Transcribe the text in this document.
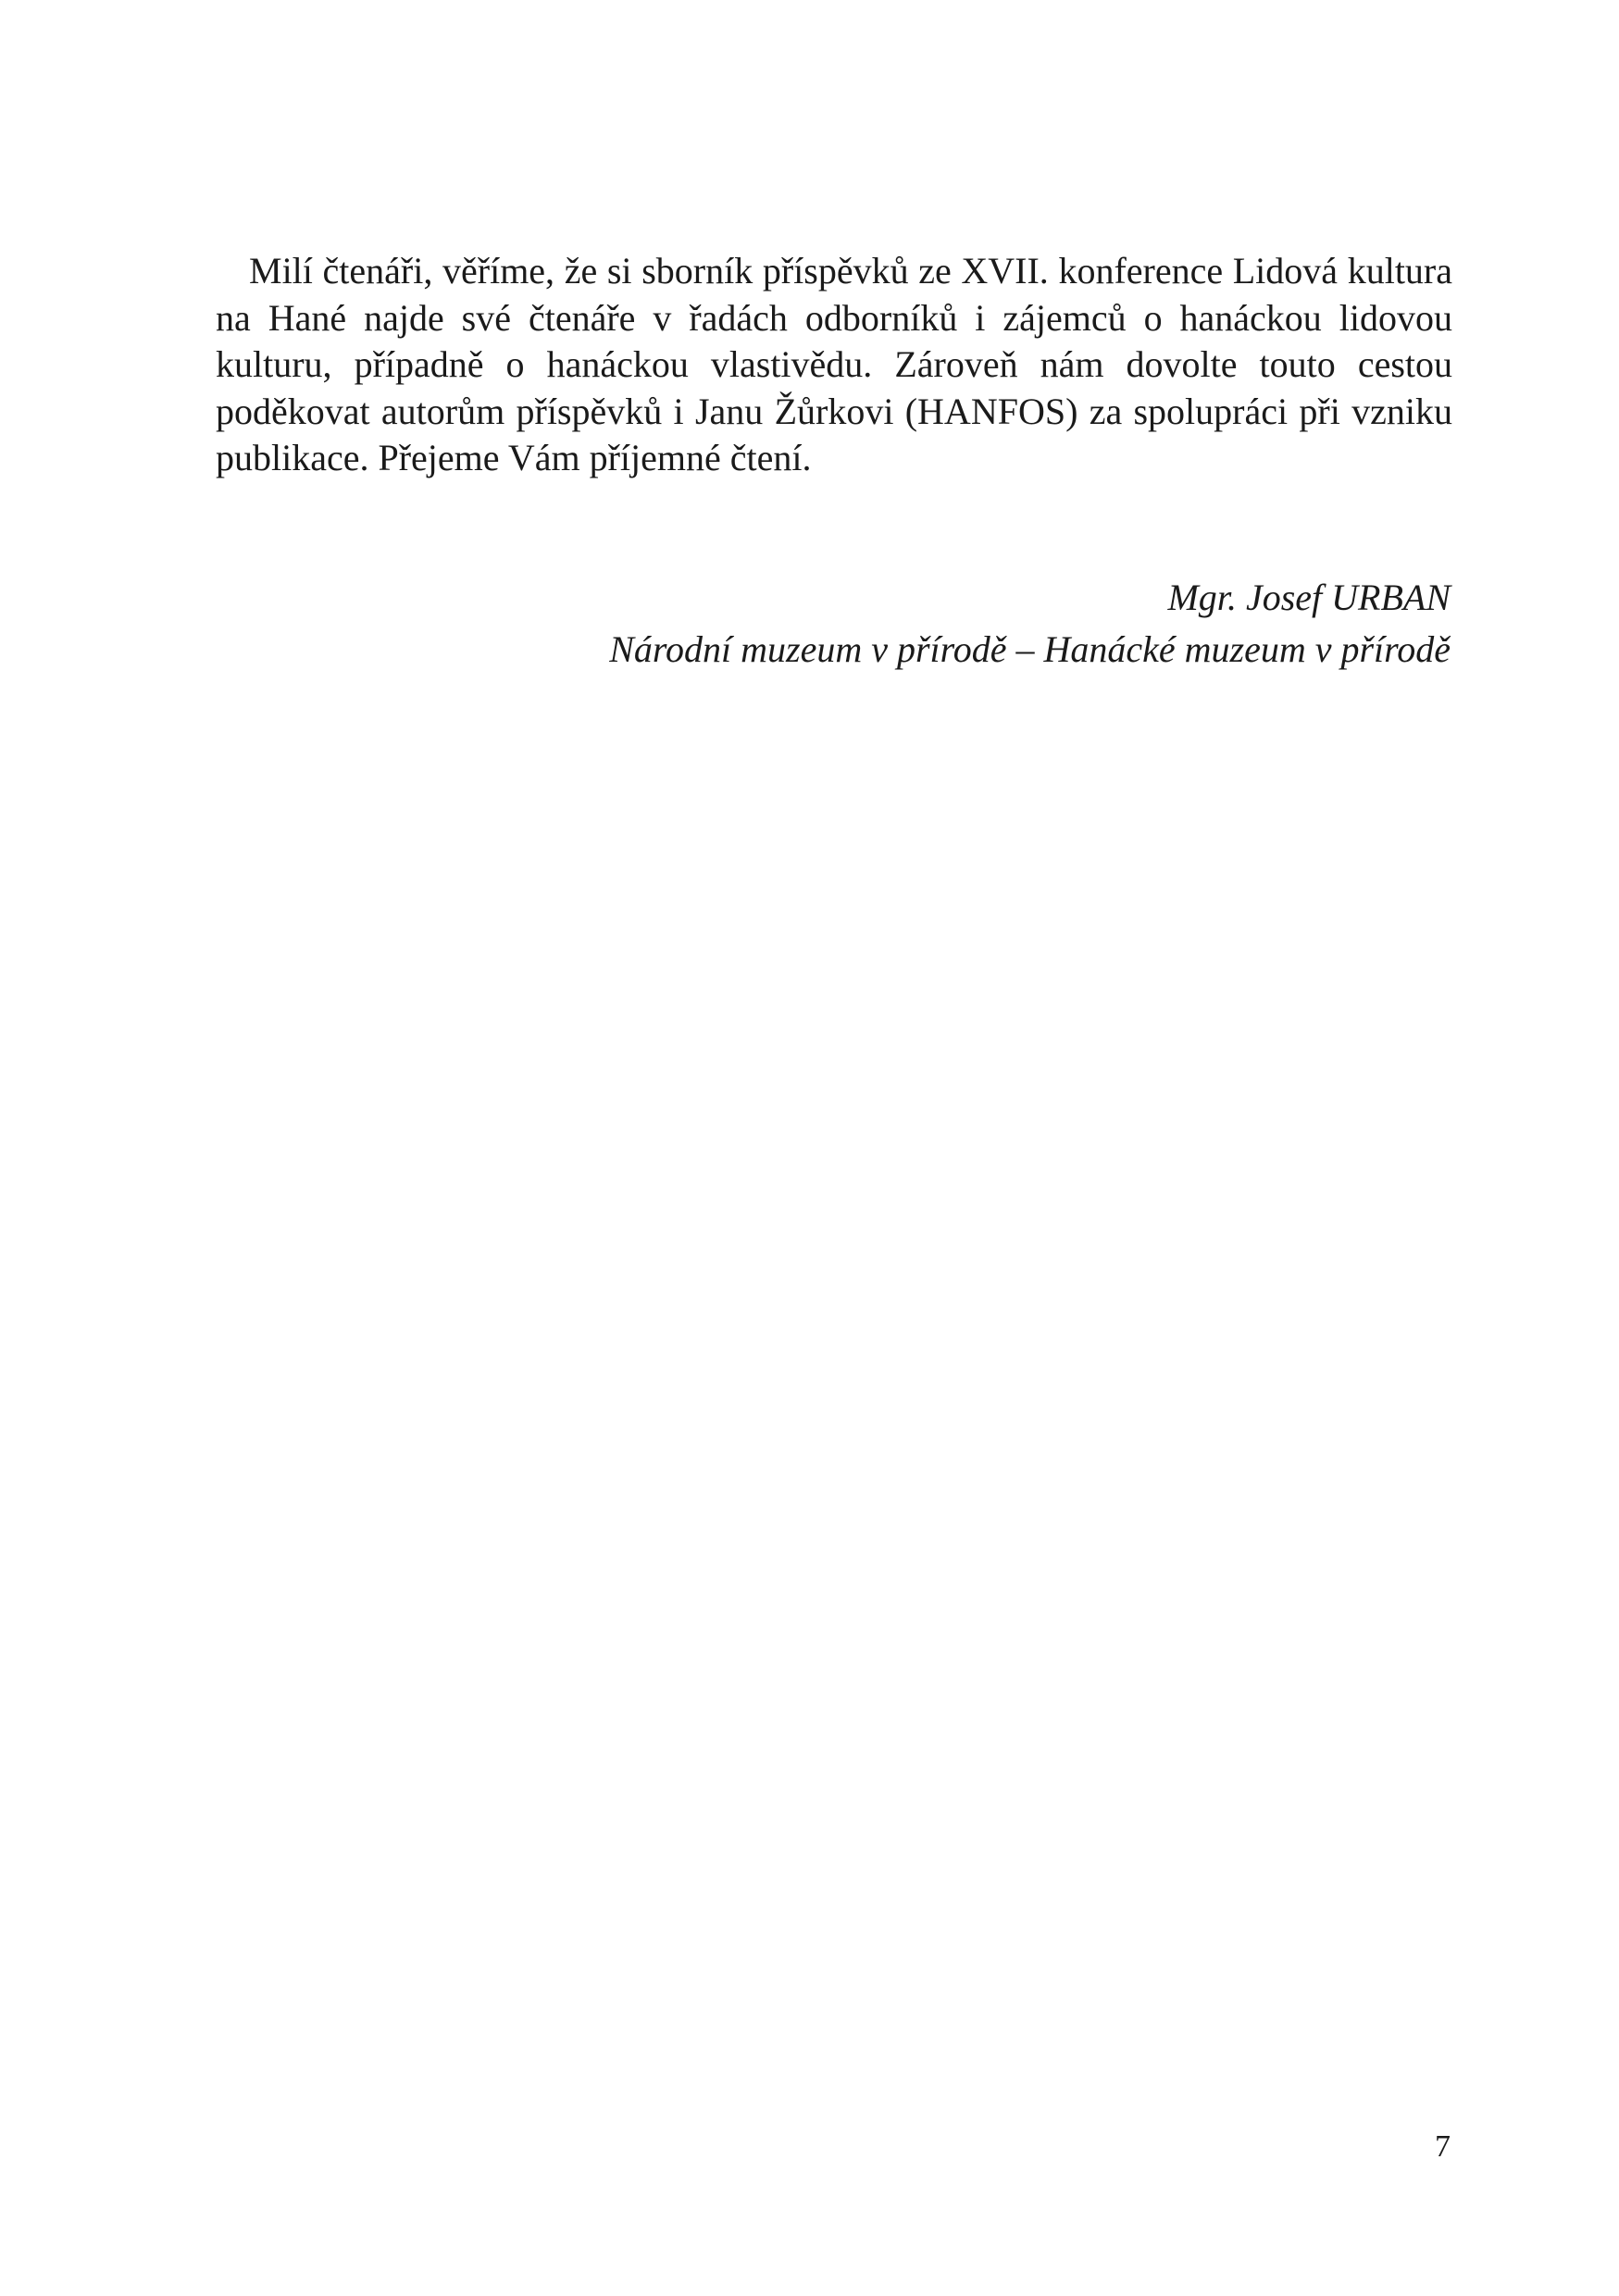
Milí čtenáři, věříme, že si sborník příspěvků ze XVII. konference Lidová kultura na Hané najde své čtenáře v řadách odborníků i zájemců o hanáckou lidovou kulturu, případně o hanáckou vlastivědu. Zároveň nám dovolte touto cestou poděkovat autorům příspěvků i Janu Žůrkovi (HANFOS) za spolupráci při vzniku publikace. Přejeme Vám příjemné čtení.

Mgr. Josef URBAN
Národní muzeum v přírodě – Hanácké muzeum v přírodě
7
